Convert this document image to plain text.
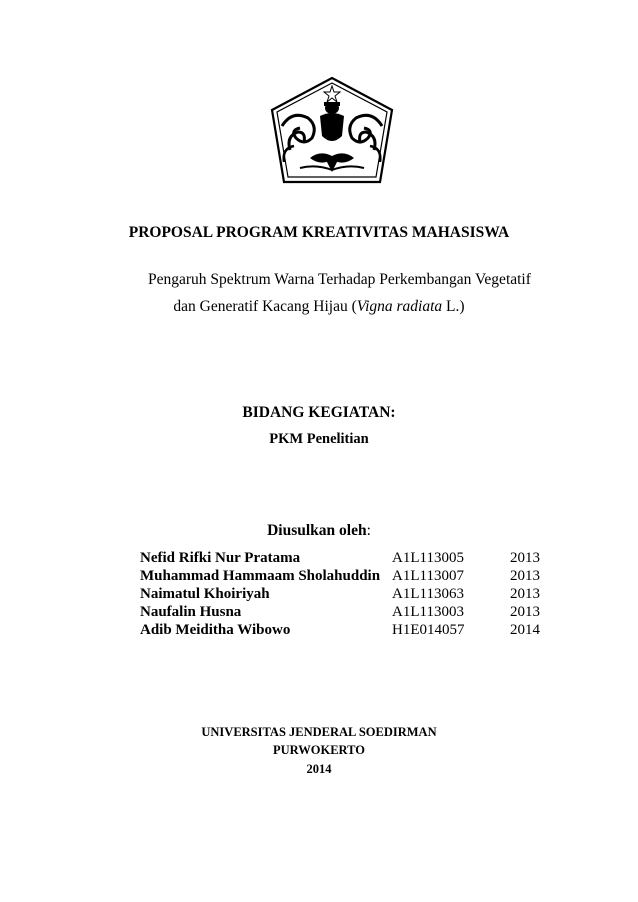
PROPOSAL PROGRAM KREATIVITAS MAHASISWA
Pengaruh Spektrum Warna Terhadap Perkembangan Vegetatif
dan Generatif Kacang Hijau (Vigna radiata L.)
BIDANG KEGIATAN:
PKM Penelitian
Diusulkan oleh:
Nefid Rifki Nur Pratama	A1L113005	2013
Muhammad Hammaam Sholahuddin A1L113007	2013
Naimatul Khoiriyah	A1L113063	2013
Naufalin Husna	A1L113003	2013
Adib Meiditha Wibowo	H1E014057	2014
UNIVERSITAS JENDERAL SOEDIRMAN
PURWOKERTO
2014
